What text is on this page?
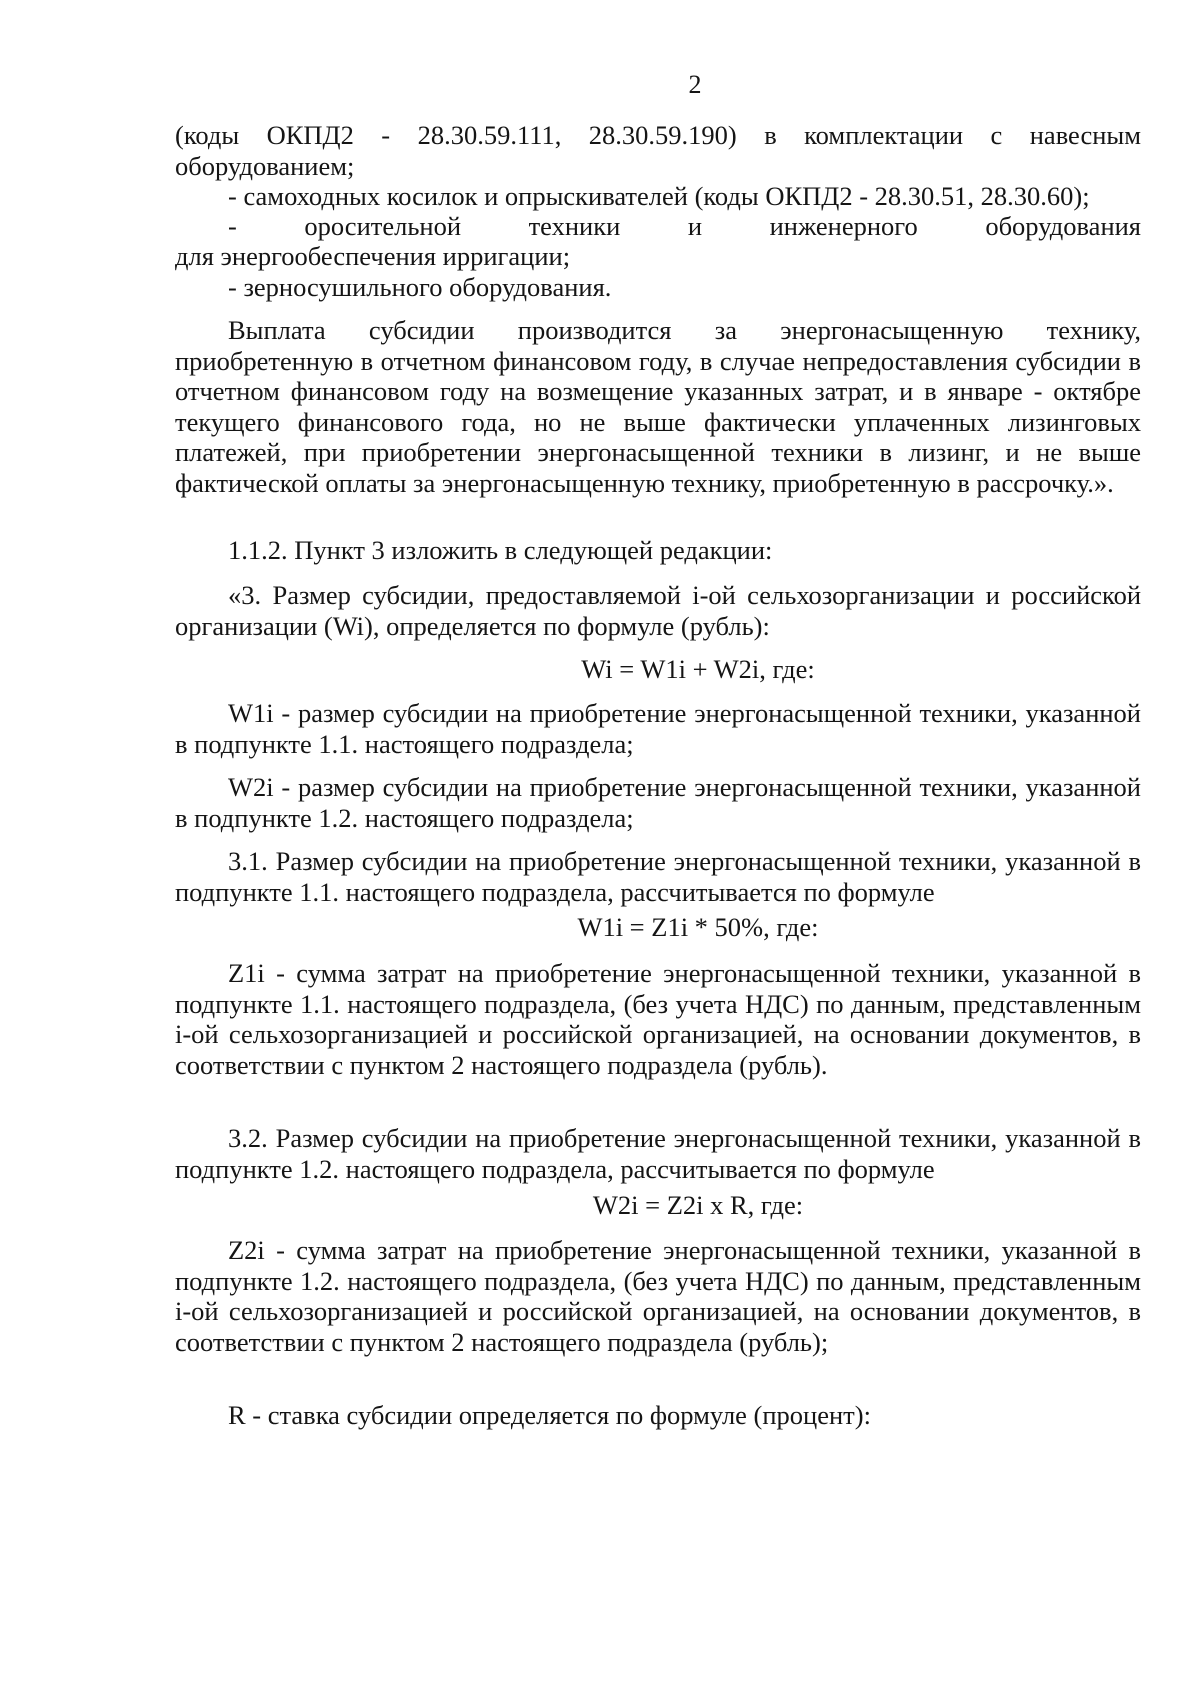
2
(коды ОКПД2 - 28.30.59.111, 28.30.59.190) в комплектации с навесным оборудованием;
- самоходных косилок и опрыскивателей (коды ОКПД2 - 28.30.51, 28.30.60);
- оросительной техники и инженерного оборудования
для энергообеспечения ирригации;
- зерносушильного оборудования.
Выплата субсидии производится за энергонасыщенную технику, приобретенную в отчетном финансовом году, в случае непредоставления субсидии в отчетном финансовом году на возмещение указанных затрат, и в январе - октябре текущего финансового года, но не выше фактически уплаченных лизинговых платежей, при приобретении энергонасыщенной техники в лизинг, и не выше фактической оплаты за энергонасыщенную технику, приобретенную в рассрочку.».
1.1.2. Пункт 3 изложить в следующей редакции:
«3. Размер субсидии, предоставляемой i-ой сельхозорганизации и российской организации (Wi), определяется по формуле (рубль):
Wi = W1i + W2i, где:
W1i - размер субсидии на приобретение энергонасыщенной техники, указанной в подпункте 1.1. настоящего подраздела;
W2i - размер субсидии на приобретение энергонасыщенной техники, указанной в подпункте 1.2. настоящего подраздела;
3.1. Размер субсидии на приобретение энергонасыщенной техники, указанной в подпункте 1.1. настоящего подраздела, рассчитывается по формуле
W1i = Z1i * 50%, где:
Z1i - сумма затрат на приобретение энергонасыщенной техники, указанной в подпункте 1.1. настоящего подраздела, (без учета НДС) по данным, представленным i-ой сельхозорганизацией и российской организацией, на основании документов, в соответствии с пунктом 2 настоящего подраздела (рубль).
3.2. Размер субсидии на приобретение энергонасыщенной техники, указанной в подпункте 1.2. настоящего подраздела, рассчитывается по формуле
W2i = Z2i x R, где:
Z2i - сумма затрат на приобретение энергонасыщенной техники, указанной в подпункте 1.2. настоящего подраздела, (без учета НДС) по данным, представленным i-ой сельхозорганизацией и российской организацией, на основании документов, в соответствии с пунктом 2 настоящего подраздела (рубль);
R - ставка субсидии определяется по формуле (процент):
